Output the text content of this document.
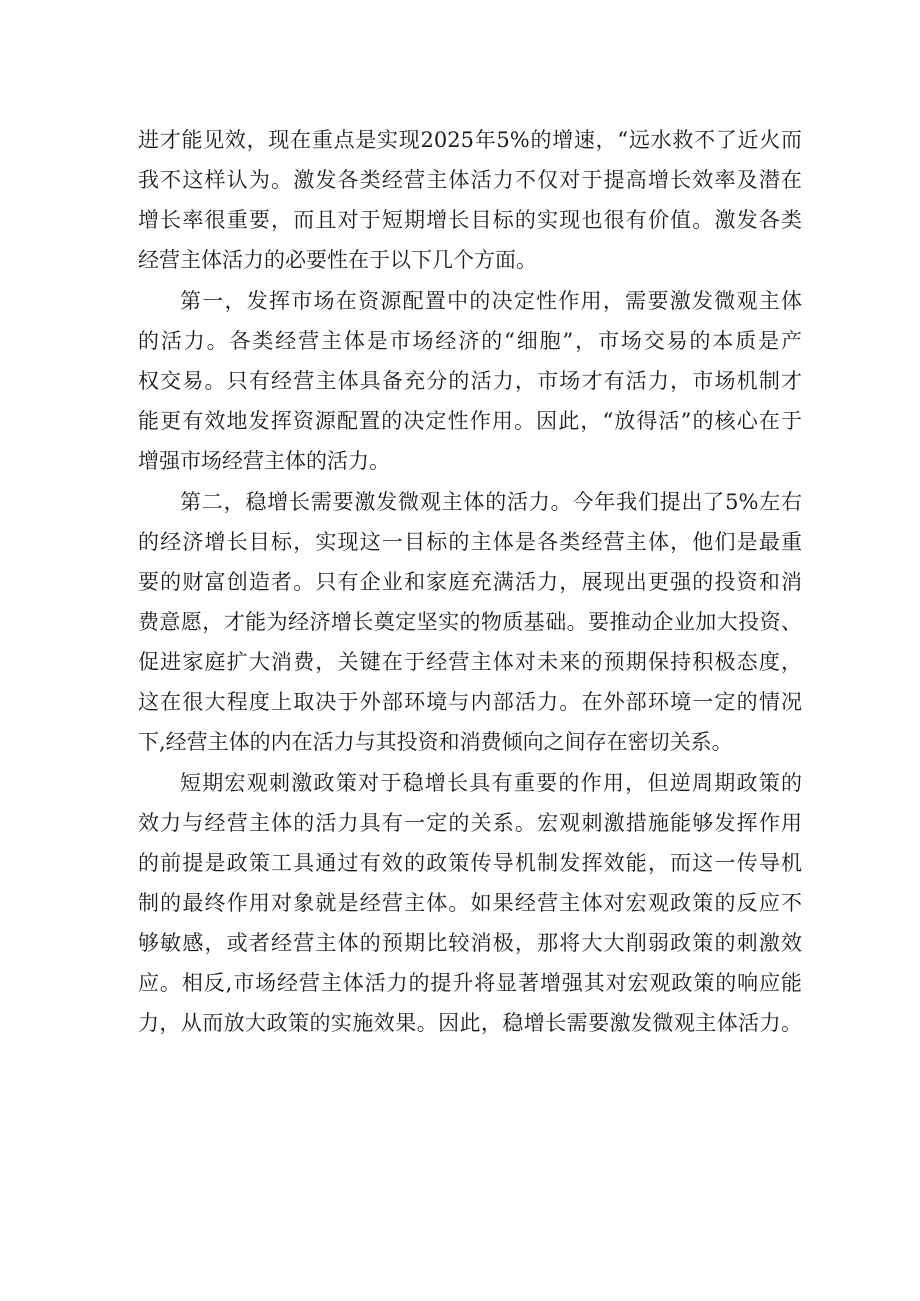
进才能见效，现在重点是实现2025年5%的增速，“远水救不了近火而
我不这样认为。激发各类经营主体活力不仅对于提高增长效率及潜在
增长率很重要，而且对于短期增长目标的实现也很有价值。激发各类
经营主体活力的必要性在于以下几个方面。
第一，发挥市场在资源配置中的决定性作用，需要激发微观主体
的活力。各类经营主体是市场经济的“细胞”，市场交易的本质是产
权交易。只有经营主体具备充分的活力，市场才有活力，市场机制才
能更有效地发挥资源配置的决定性作用。因此，“放得活”的核心在于
增强市场经营主体的活力。
第二，稳增长需要激发微观主体的活力。今年我们提出了5%左右
的经济增长目标，实现这一目标的主体是各类经营主体，他们是最重
要的财富创造者。只有企业和家庭充满活力，展现出更强的投资和消
费意愿，才能为经济增长奠定坚实的物质基础。要推动企业加大投资、
促进家庭扩大消费，关键在于经营主体对未来的预期保持积极态度，
这在很大程度上取决于外部环境与内部活力。在外部环境一定的情况
下,经营主体的内在活力与其投资和消费倾向之间存在密切关系。
短期宏观刺激政策对于稳增长具有重要的作用，但逆周期政策的
效力与经营主体的活力具有一定的关系。宏观刺激措施能够发挥作用
的前提是政策工具通过有效的政策传导机制发挥效能，而这一传导机
制的最终作用对象就是经营主体。如果经营主体对宏观政策的反应不
够敏感，或者经营主体的预期比较消极，那将大大削弱政策的刺激效
应。相反,市场经营主体活力的提升将显著增强其对宏观政策的响应能
力，从而放大政策的实施效果。因此，稳增长需要激发微观主体活力。
